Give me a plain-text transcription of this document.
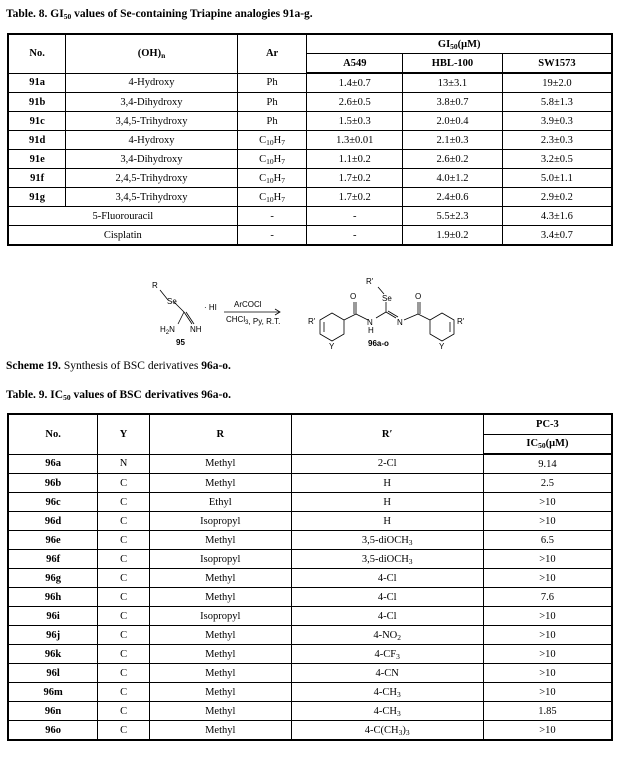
Table. 8. $GI_{50}$ values of Se-containing Triapine analogies 91a-g.
No.	$(OH)_n$	Ar	$GI_{50}(\mu M)$		
			A549	HBL-100	SW1573
91a	4-Hydroxy	Ph	1.4±0.7	13±3.1	19±2.0
91b	3,4-Dihydroxy	Ph	2.6±0.5	3.8±0.7	5.8±1.3
91c	3,4,5-Trihydroxy	Ph	1.5±0.3	2.0±0.4	3.9±0.3
91d	4-Hydroxy	$C_{10}H_7$	1.3±0.01	2.1±0.3	2.3±0.3
91e	3,4-Dihydroxy	$C_{10}H_7$	1.1±0.2	2.6±0.2	3.2±0.5
91f	2,4,5-Trihydroxy	$C_{10}H_7$	1.7±0.2	4.0±1.2	5.0±1.1
91g	3,4,5-Trihydroxy	$C_{10}H_7$	1.7±0.2	2.4±0.6	2.9±0.2
5-Fluorouracil		-	-	5.5±2.3	4.3±1.6
Cisplatin		-	-	1.9±0.2	3.4±0.7
R
Se
$H_2N$ NH
· HI
95
ArCOCl
CHCl$_3$, Py, R.T.
R'
Se
O	O
N
H
N
R'
Y
R'
Y
96a-o
Scheme 19. Synthesis of BSC derivatives 96a-o.
Table. 9. $IC_{50}$ values of BSC derivatives 96a-o.
No.	Y	R	R′	PC-3
				$IC_{50}(\mu M)$
96a	N	Methyl	2-Cl	9.14
96b	C	Methyl	H	2.5
96c	C	Ethyl	H	>10
96d	C	Isopropyl	H	>10
96e	C	Methyl	3,5-diOCH$_3$	6.5
96f	C	Isopropyl	3,5-diOCH$_3$	>10
96g	C	Methyl	4-Cl	>10
96h	C	Methyl	4-Cl	7.6
96i	C	Isopropyl	4-Cl	>10
96j	C	Methyl	$4-NO_2$	>10
96k	C	Methyl	$4-CF_3$	>10
96l	C	Methyl	4-CN	>10
96m	C	Methyl	$4-CH_3$	>10
96n	C	Methyl	$4-CH_3$	1.85
96o	C	Methyl	$4-C(CH_3)_3$	>10
